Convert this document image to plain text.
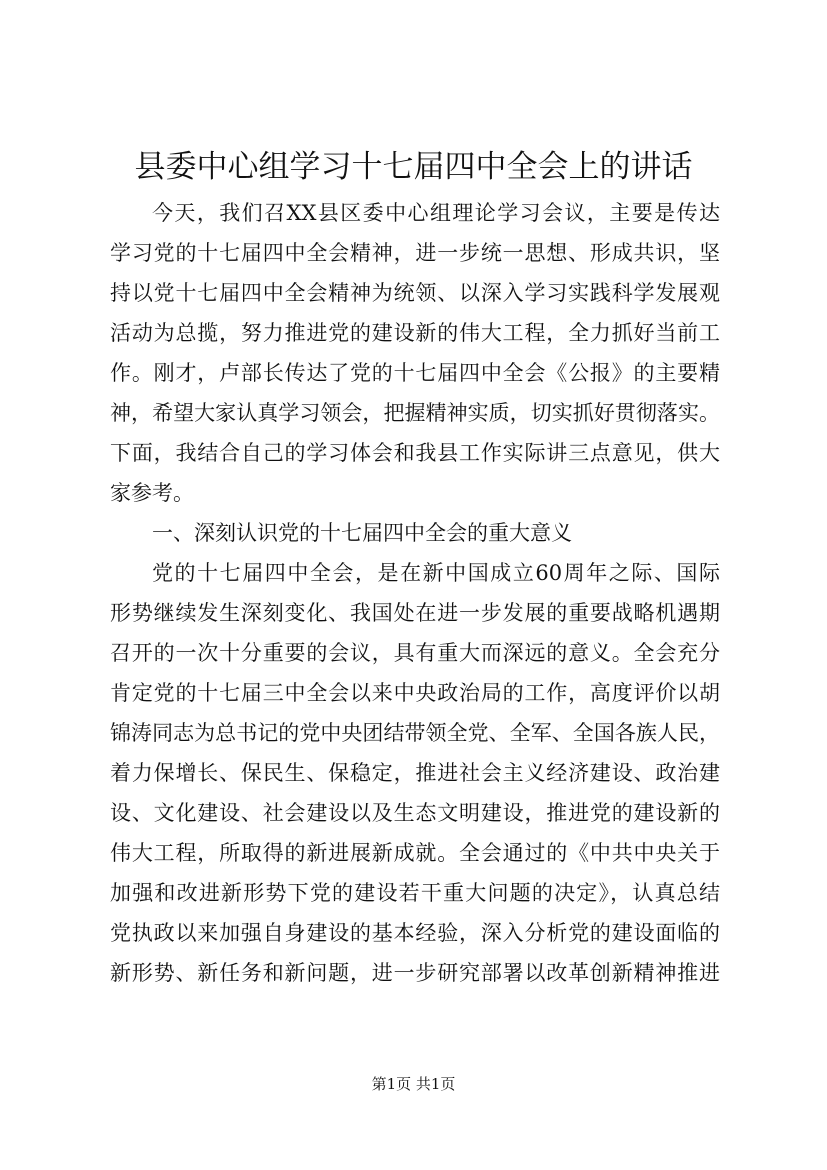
县委中心组学习十七届四中全会上的讲话
今天，我们召XX县区委中心组理论学习会议，主要是传达
学习党的十七届四中全会精神，进一步统一思想、形成共识，坚
持以党十七届四中全会精神为统领、以深入学习实践科学发展观
活动为总揽，努力推进党的建设新的伟大工程，全力抓好当前工
作。刚才，卢部长传达了党的十七届四中全会《公报》的主要精
神，希望大家认真学习领会，把握精神实质，切实抓好贯彻落实。
下面，我结合自己的学习体会和我县工作实际讲三点意见，供大
家参考。
一、深刻认识党的十七届四中全会的重大意义
党的十七届四中全会，是在新中国成立60周年之际、国际
形势继续发生深刻变化、我国处在进一步发展的重要战略机遇期
召开的一次十分重要的会议，具有重大而深远的意义。全会充分
肯定党的十七届三中全会以来中央政治局的工作，高度评价以胡
锦涛同志为总书记的党中央团结带领全党、全军、全国各族人民，
着力保增长、保民生、保稳定，推进社会主义经济建设、政治建
设、文化建设、社会建设以及生态文明建设，推进党的建设新的
伟大工程，所取得的新进展新成就。全会通过的《中共中央关于
加强和改进新形势下党的建设若干重大问题的决定》，认真总结
党执政以来加强自身建设的基本经验，深入分析党的建设面临的
新形势、新任务和新问题，进一步研究部署以改革创新精神推进
第1页 共1页
